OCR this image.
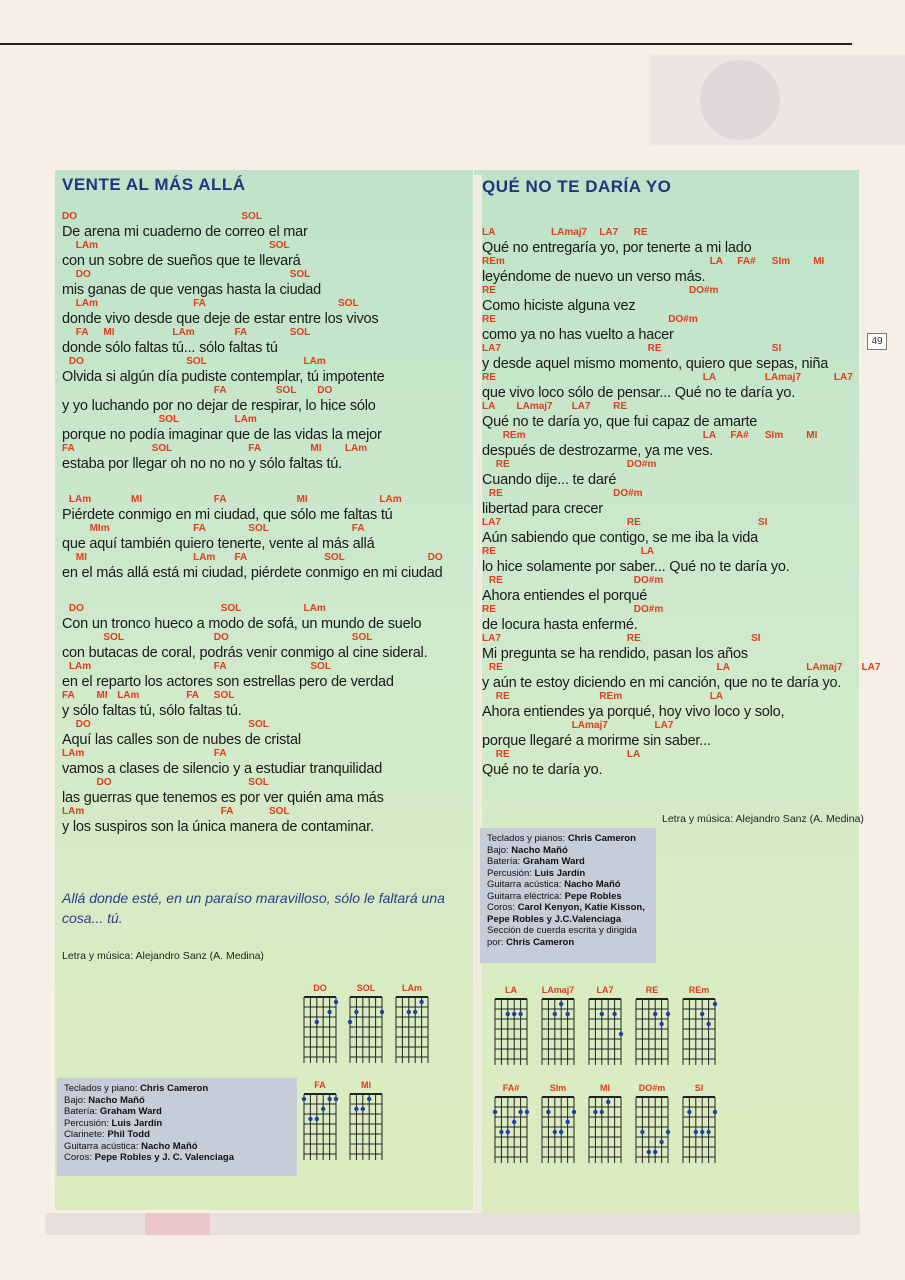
49
VENTE AL MÁS ALLÁ	QUÉ NO TE DARÍA YO
DO	SOL
De arena mi cuaderno de correo el mar
LAm	SOL
con un sobre de sueños que te llevará
DO	SOL
mis ganas de que vengas hasta la ciudad
LAm	FA	SOL
donde vivo desde que deje de estar entre los vivos
FA MI	LAm	FA	SOL
donde sólo faltas tú... sólo faltas tú
DO	SOL	LAm
Olvida si algún día pudiste contemplar, tú impotente
FA	SOL DO
y yo luchando por no dejar de respirar, lo hice sólo
SOL	LAm
porque no podía imaginar que de las vidas la mejor
FA	SOL	FA	MI LAm
estaba por llegar oh no no no y sólo faltas tú.
LAm	MI	FA	MI	LAm
Piérdete conmigo en mi ciudad, que sólo me faltas tú
MIm	FA	SOL	FA
que aquí también quiero tenerte, vente al más allá
MI	LAm FA	SOL	DO
en el más allá está mi ciudad, piérdete conmigo en mi ciudad
DO	SOL	LAm
Con un tronco hueco a modo de sofá, un mundo de suelo
SOL	DO	SOL
con butacas de coral, podrás venir conmigo al cine sideral.
LAm	FA	SOL
en el reparto los actores son estrellas pero de verdad
FA MI LAm	FA SOL
y sólo faltas tú, sólo faltas tú.
DO	SOL
Aquí las calles son de nubes de cristal
LAm	FA
vamos a clases de silencio y a estudiar tranquilidad
DO	SOL
las guerras que tenemos es por ver quién ama más
LAm	FA	SOL
y los suspiros son la única manera de contaminar.
LA	LAmaj7 LA7 RE
Qué no entregaría yo, por tenerte a mi lado
REm	LA FA# SIm MI
leyéndome de nuevo un verso más.
RE	DO#m
Como hiciste alguna vez
RE	DO#m
como ya no has vuelto a hacer
LA7	RE	SI
y desde aquel mismo momento, quiero que sepas, niña
RE	LA	LAmaj7	LA7
que vivo loco sólo de pensar... Qué no te daría yo.
LA LAmaj7 LA7 RE
Qué no te daría yo, que fui capaz de amarte
REm	LA FA# SIm MI
después de destrozarme, ya me ves.
RE	DO#m
Cuando dije... te daré
RE	DO#m
libertad para crecer
LA7	RE	SI
Aún sabiendo que contigo, se me iba la vida
RE	LA
lo hice solamente por saber... Qué no te daría yo.
RE	DO#m
Ahora entiendes el porqué
RE	DO#m
de locura hasta enfermé.
LA7	RE	SI
Mi pregunta se ha rendido, pasan los años
RE	LA	LAmaj7 LA7
y aún te estoy diciendo en mi canción, que no te daría yo.
RE	REm	LA
Ahora entiendes ya porqué, hoy vivo loco y solo,
LAmaj7	LA7
porque llegaré a morirme sin saber...
RE	LA
Qué no te daría yo.

Allá donde esté, en un paraíso maravilloso, sólo le faltará una cosa... tú.

Letra y música: Alejandro Sanz (A. Medina)

Letra y música: Alejandro Sanz (A. Medina)

Teclados y pianos: Chris Cameron
Bajo: Nacho Mañó
Batería: Graham Ward
Percusión: Luis Jardín
Guitarra acústica: Nacho Mañó
Guitarra eléctrica: Pepe Robles
Coros: Carol Kenyon, Katie Kisson, Pepe Robles y J.C.Valenciaga
Sección de cuerda escrita y dirigida por: Chris Cameron
Teclados y piano: Chris Cameron
Bajo: Nacho Mañó
Batería: Graham Ward
Percusión: Luis Jardín
Clarinete: Phil Todd
Guitarra acústica: Nacho Mañó
Coros: Pepe Robles y J. C. Valenciaga
DO	SOL	LAm
FA	MI
LA	LAmaj7	LA7	RE	REm
FA#	SIm	MI	DO#m	SI
